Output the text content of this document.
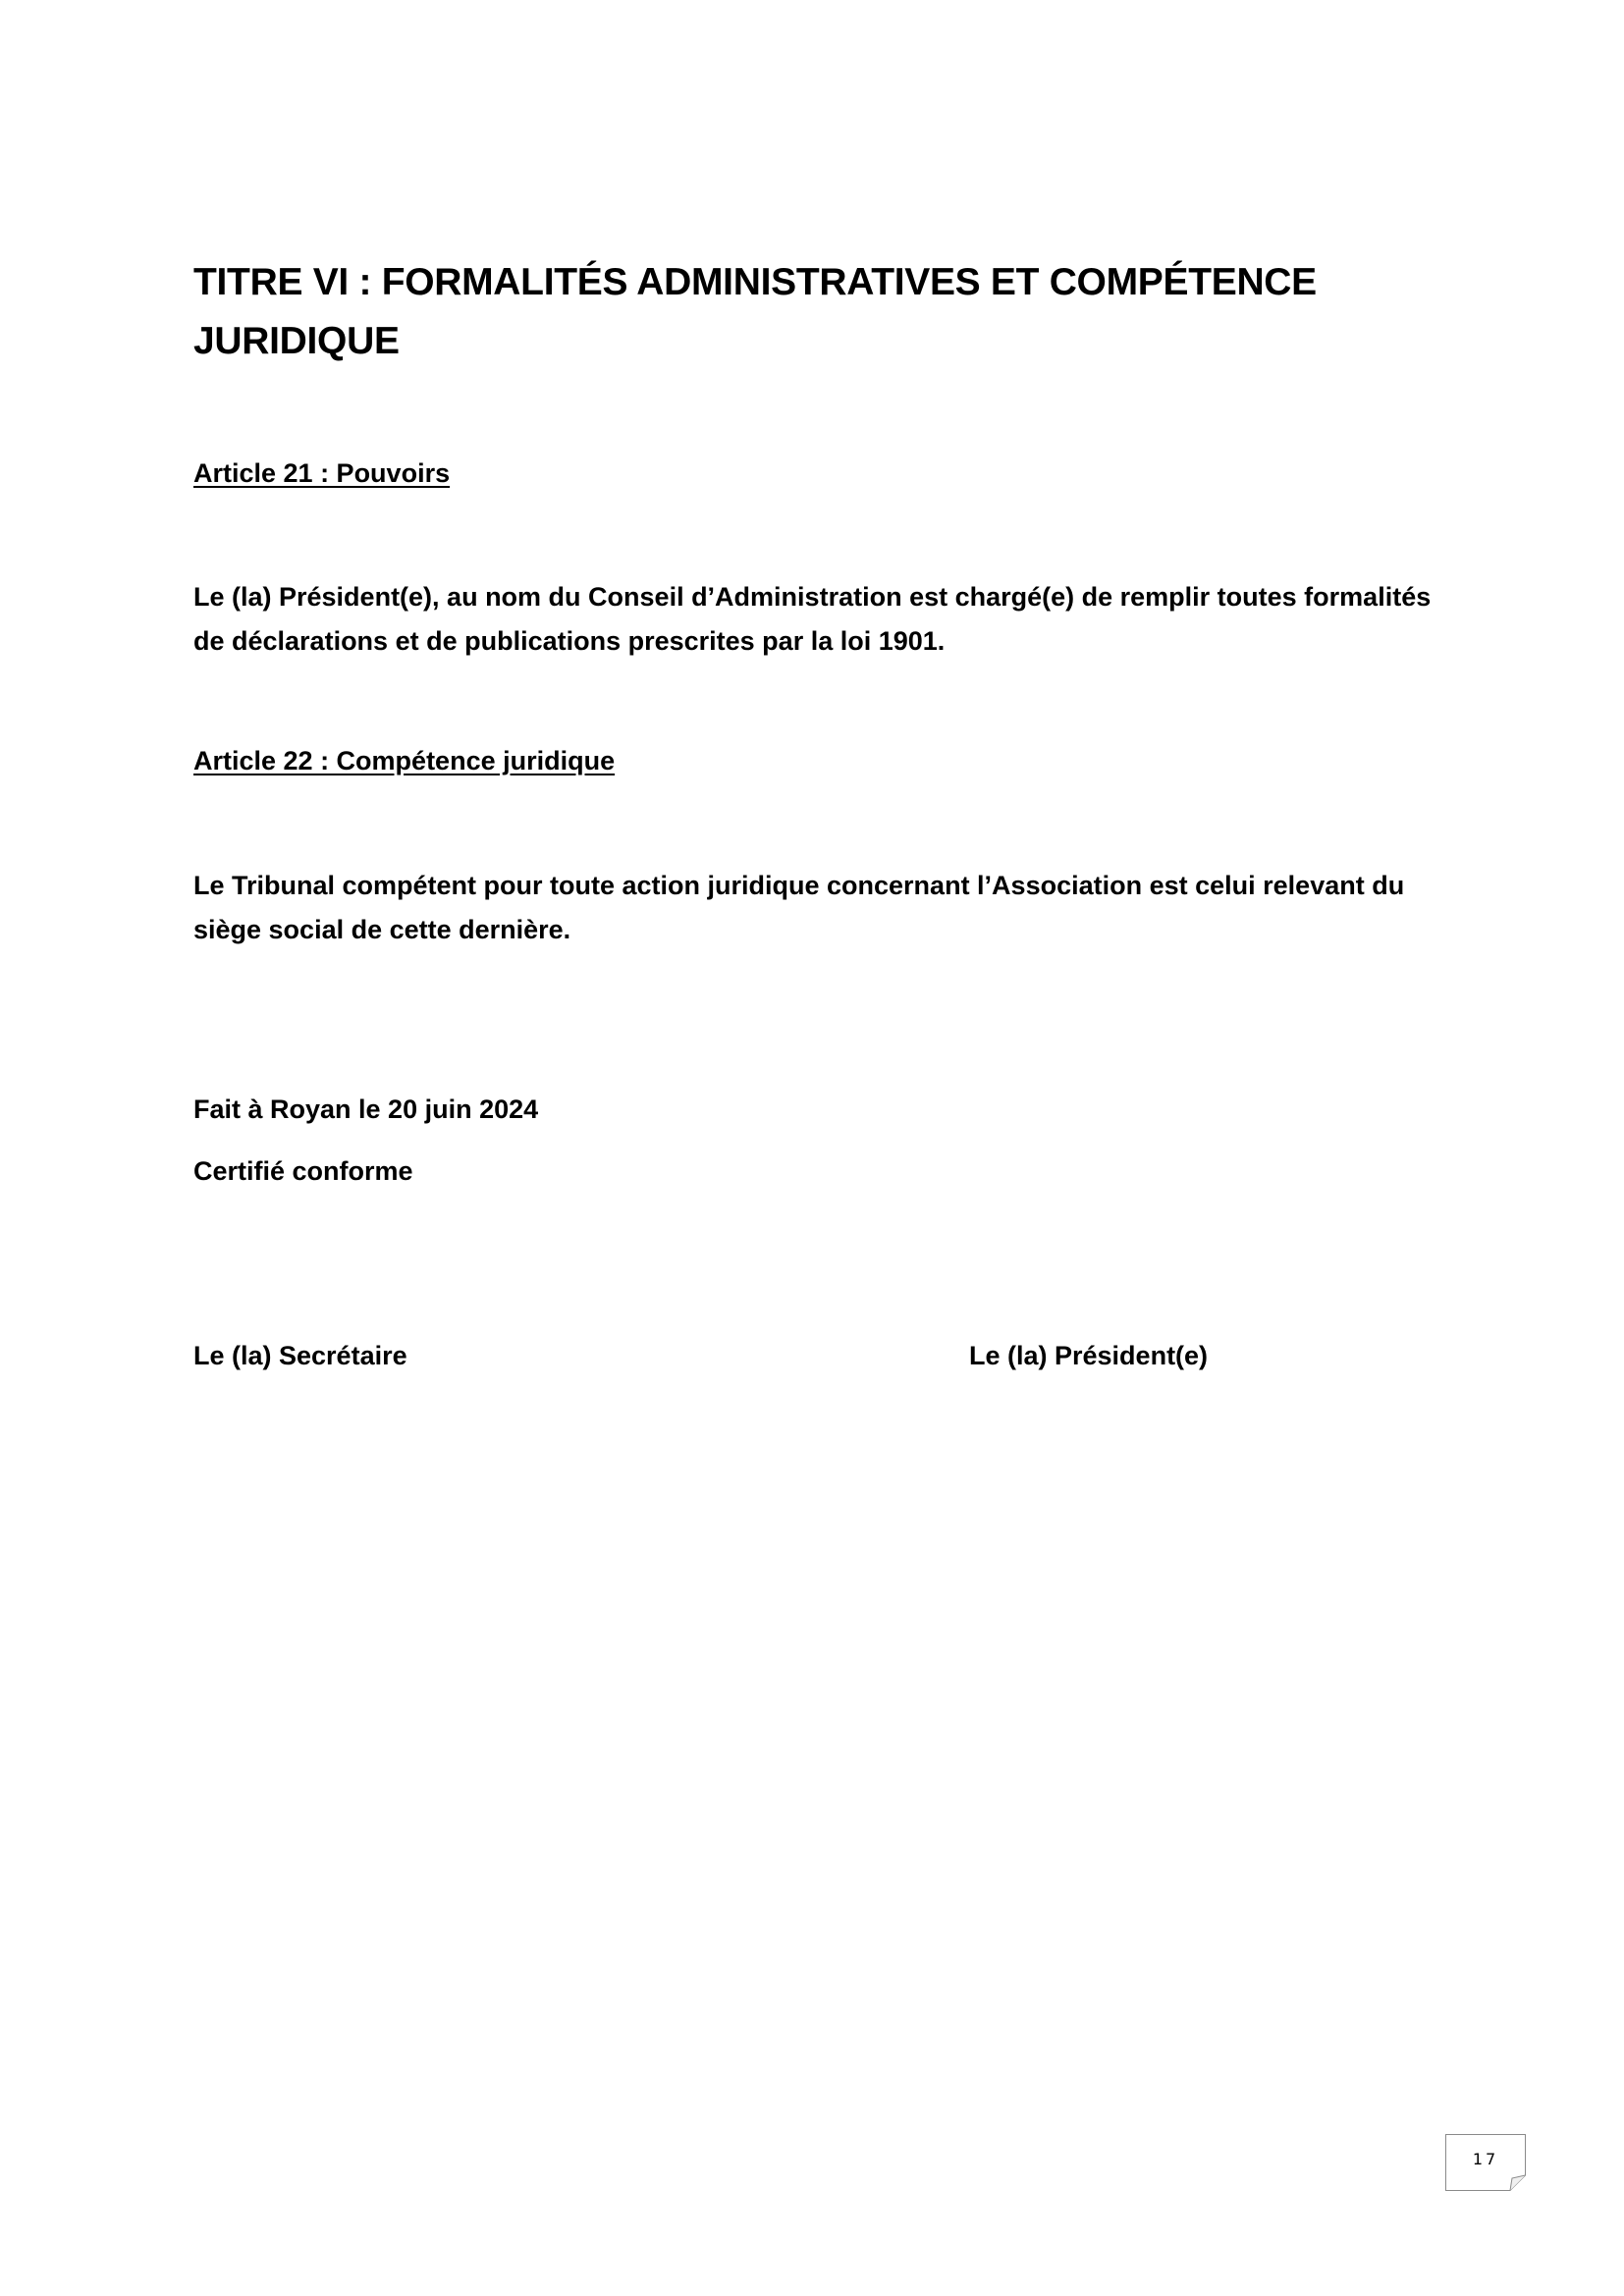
TITRE VI : FORMALITÉS ADMINISTRATIVES ET COMPÉTENCE JURIDIQUE
Article 21 : Pouvoirs

Le (la) Président(e), au nom du Conseil d’Administration est chargé(e) de remplir toutes formalités de déclarations et de publications prescrites par la loi 1901.

Article 22 : Compétence juridique

Le Tribunal compétent pour toute action juridique concernant l’Association est celui relevant du siège social de cette dernière.

Fait à Royan le 20 juin 2024

Certifié conforme

Le (la) Secrétaire	Le (la) Président(e)

17
